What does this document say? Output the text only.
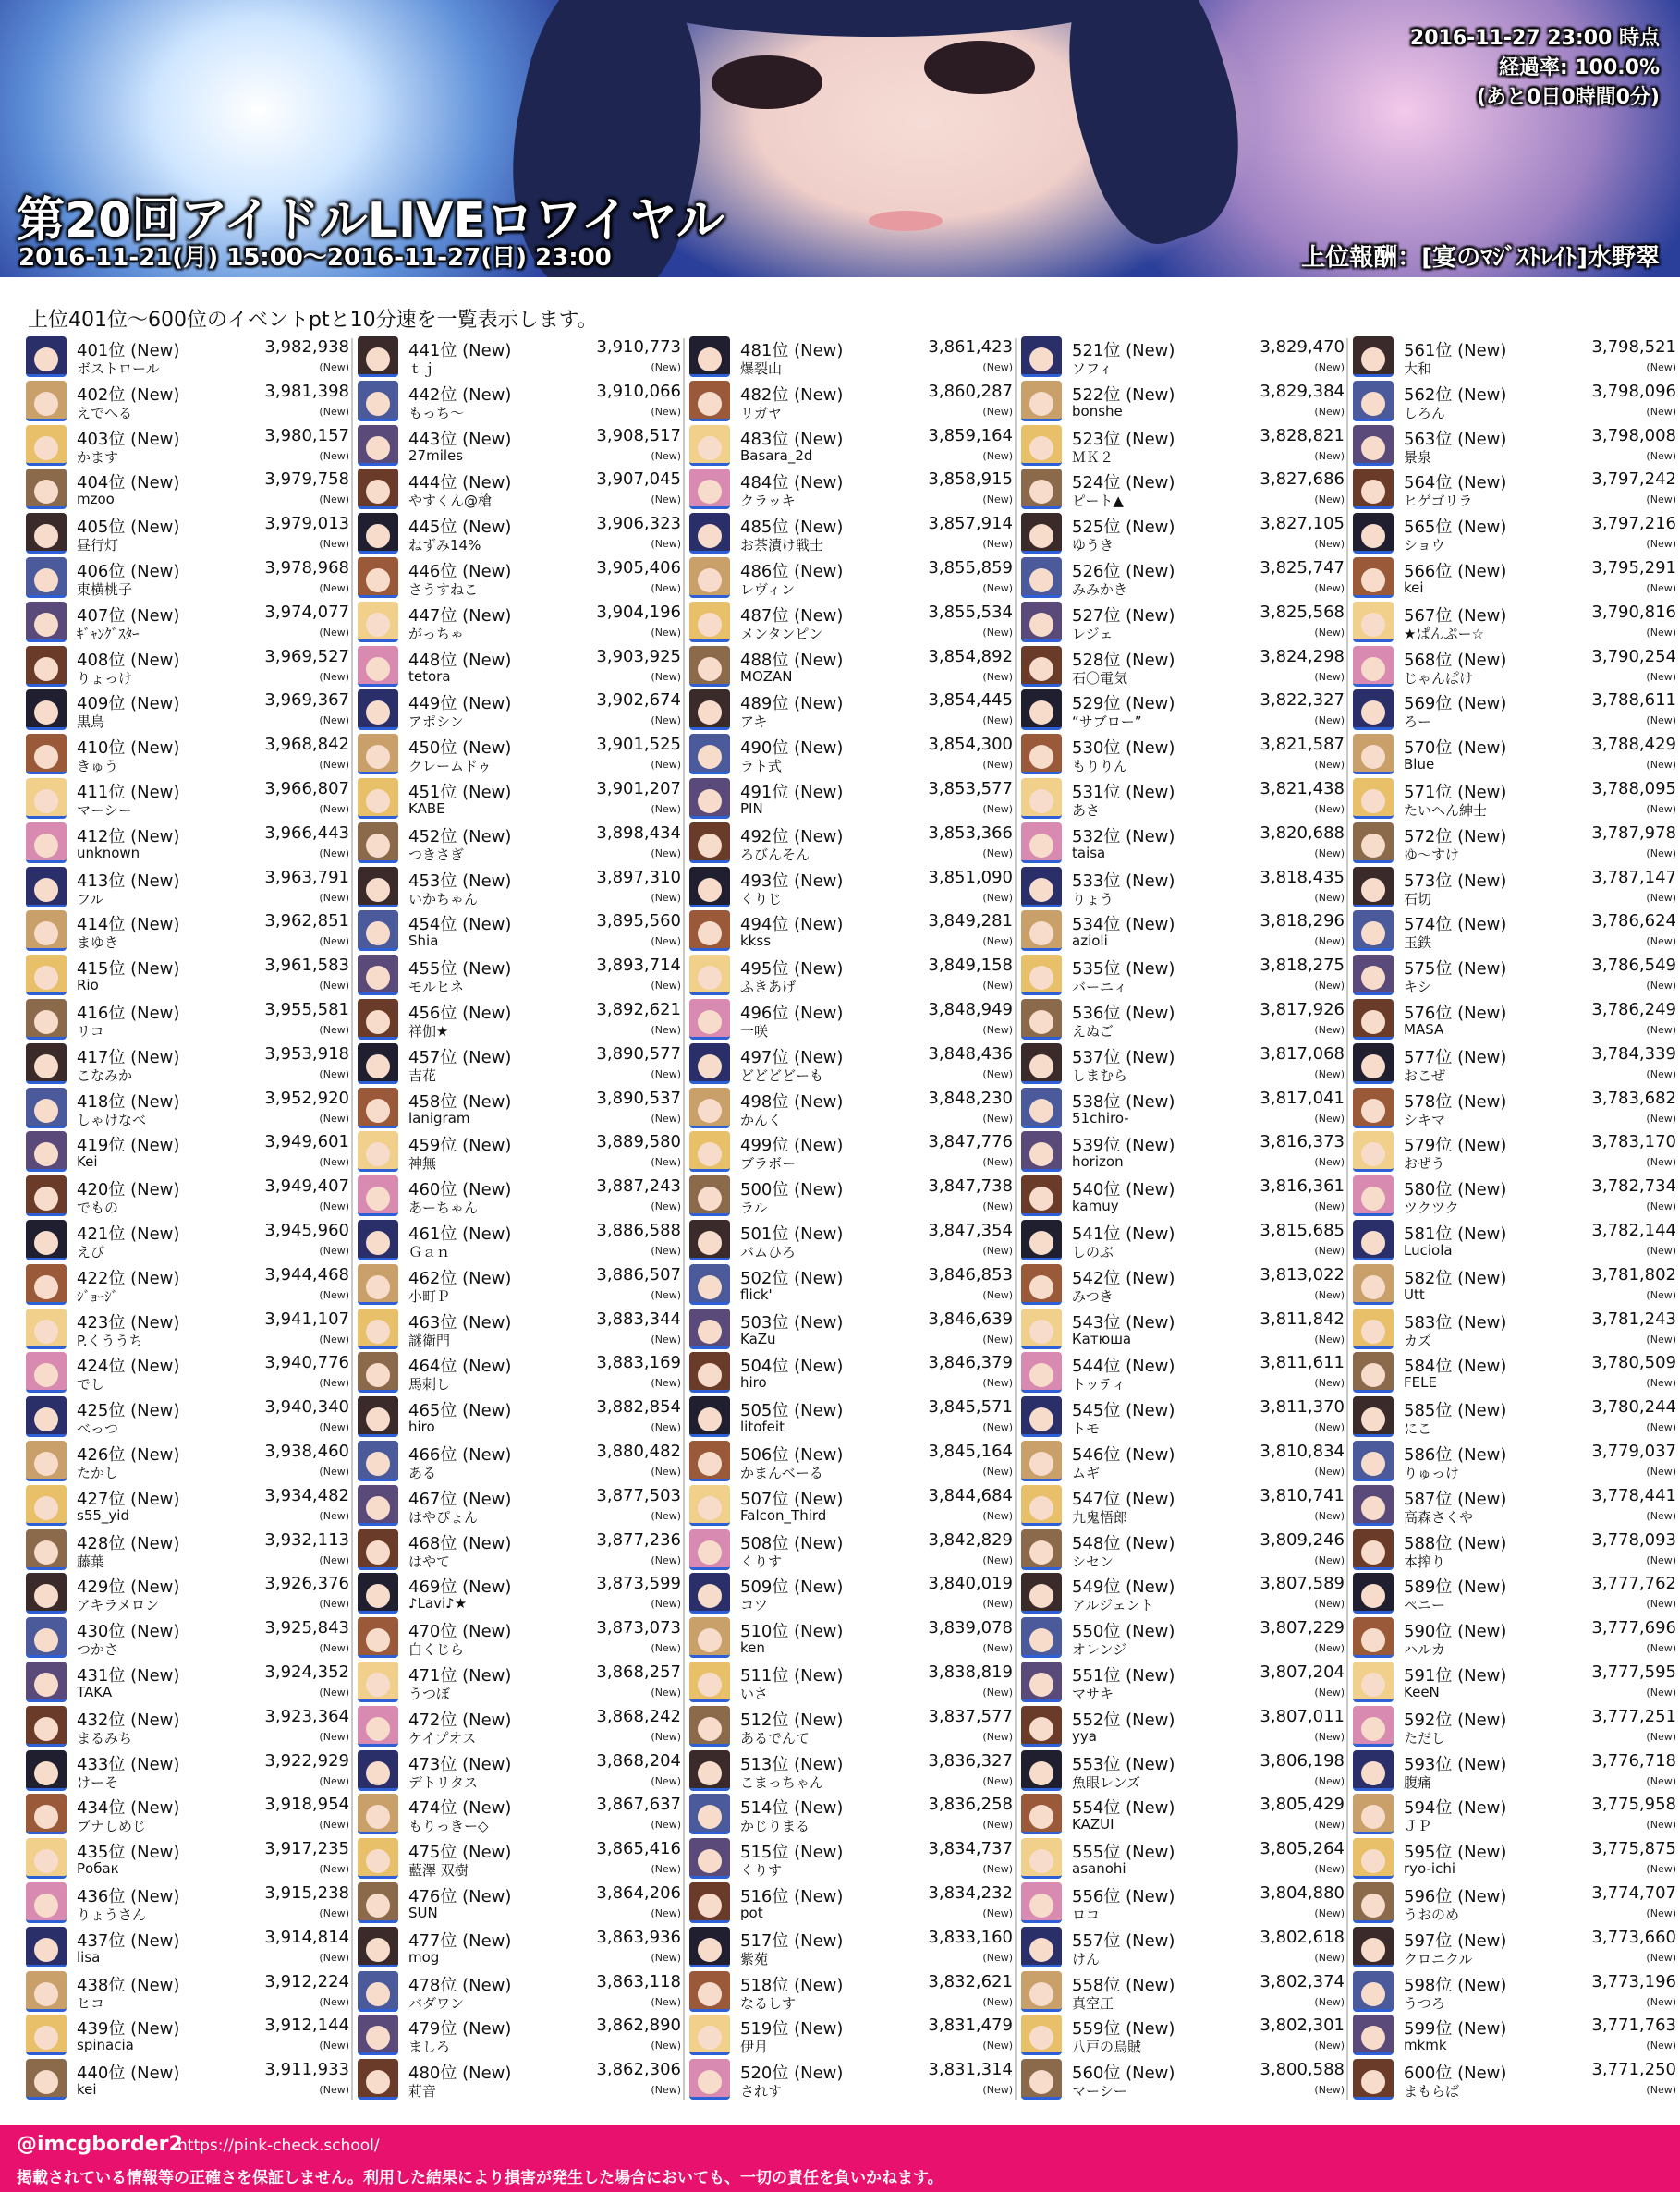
第20回アイドルLIVEロワイヤル
2016-11-21(月) 15:00～2016-11-27(日) 23:00	上位報酬：[宴のﾏｼﾞｽﾄﾚｲﾄ]水野翠
2016-11-27 23:00 時点
経過率: 100.0%
(あと0日0時間0分)
上位401位～600位のイベントptと10分速を一覧表示します。
401位 (New)	3,982,938
ボストロール	(New)
402位 (New)	3,981,398
えでへる	(New)
403位 (New)	3,980,157
かます	(New)
404位 (New)	3,979,758
mzoo	(New)
405位 (New)	3,979,013
昼行灯	(New)
406位 (New)	3,978,968
東横桃子	(New)
407位 (New)	3,974,077
ｷﾞｬﾝｸﾞｽﾀｰ	(New)
408位 (New)	3,969,527
りょっけ	(New)
409位 (New)	3,969,367
黒鳥	(New)
410位 (New)	3,968,842
きゅう	(New)
411位 (New)	3,966,807
マーシー	(New)
412位 (New)	3,966,443
unknown	(New)
413位 (New)	3,963,791
フル	(New)
414位 (New)	3,962,851
まゆき	(New)
415位 (New)	3,961,583
Rio	(New)
416位 (New)	3,955,581
リコ	(New)
417位 (New)	3,953,918
こなみか	(New)
418位 (New)	3,952,920
しゃけなべ	(New)
419位 (New)	3,949,601
Kei	(New)
420位 (New)	3,949,407
でもの	(New)
421位 (New)	3,945,960
えび	(New)
422位 (New)	3,944,468
ｼﾞｮｰｼﾞ	(New)
423位 (New)	3,941,107
P.くううち	(New)
424位 (New)	3,940,776
でし	(New)
425位 (New)	3,940,340
べっつ	(New)
426位 (New)	3,938,460
たかし	(New)
427位 (New)	3,934,482
s55_yid	(New)
428位 (New)	3,932,113
藤葉	(New)
429位 (New)	3,926,376
アキラメロン	(New)
430位 (New)	3,925,843
つかさ	(New)
431位 (New)	3,924,352
TAKA	(New)
432位 (New)	3,923,364
まるみち	(New)
433位 (New)	3,922,929
けーそ	(New)
434位 (New)	3,918,954
ブナしめじ	(New)
435位 (New)	3,917,235
Робак	(New)
436位 (New)	3,915,238
りょうさん	(New)
437位 (New)	3,914,814
lisa	(New)
438位 (New)	3,912,224
ヒコ	(New)
439位 (New)	3,912,144
spinacia	(New)
440位 (New)	3,911,933
kei	(New)
441位 (New)	3,910,773
ｔｊ	(New)
442位 (New)	3,910,066
もっち～	(New)
443位 (New)	3,908,517
27miles	(New)
444位 (New)	3,907,045
やすくん@槍	(New)
445位 (New)	3,906,323
ねずみ14%	(New)
446位 (New)	3,905,406
さうすねこ	(New)
447位 (New)	3,904,196
がっちゃ	(New)
448位 (New)	3,903,925
tetora	(New)
449位 (New)	3,902,674
アポシン	(New)
450位 (New)	3,901,525
クレームドゥ	(New)
451位 (New)	3,901,207
KABE	(New)
452位 (New)	3,898,434
つきさぎ	(New)
453位 (New)	3,897,310
いかちゃん	(New)
454位 (New)	3,895,560
Shia	(New)
455位 (New)	3,893,714
モルヒネ	(New)
456位 (New)	3,892,621
祥伽★	(New)
457位 (New)	3,890,577
吉花	(New)
458位 (New)	3,890,537
lanigram	(New)
459位 (New)	3,889,580
神無	(New)
460位 (New)	3,887,243
あーちゃん	(New)
461位 (New)	3,886,588
Ｇａｎ	(New)
462位 (New)	3,886,507
小町Ｐ	(New)
463位 (New)	3,883,344
謎衛門	(New)
464位 (New)	3,883,169
馬刺し	(New)
465位 (New)	3,882,854
hiro	(New)
466位 (New)	3,880,482
ある	(New)
467位 (New)	3,877,503
はやぴょん	(New)
468位 (New)	3,877,236
はやて	(New)
469位 (New)	3,873,599
♪Lavi♪★	(New)
470位 (New)	3,873,073
白くじら	(New)
471位 (New)	3,868,257
うつぼ	(New)
472位 (New)	3,868,242
ケイプオス	(New)
473位 (New)	3,868,204
デトリタス	(New)
474位 (New)	3,867,637
もりっきー◇	(New)
475位 (New)	3,865,416
藍澤 双樹	(New)
476位 (New)	3,864,206
SUN	(New)
477位 (New)	3,863,936
mog	(New)
478位 (New)	3,863,118
バダワン	(New)
479位 (New)	3,862,890
ましろ	(New)
480位 (New)	3,862,306
莉音	(New)
481位 (New)	3,861,423
爆裂山	(New)
482位 (New)	3,860,287
リガヤ	(New)
483位 (New)	3,859,164
Basara_2d	(New)
484位 (New)	3,858,915
クラッキ	(New)
485位 (New)	3,857,914
お茶漬け戦士	(New)
486位 (New)	3,855,859
レヴィン	(New)
487位 (New)	3,855,534
メンタンピン	(New)
488位 (New)	3,854,892
MOZAN	(New)
489位 (New)	3,854,445
アキ	(New)
490位 (New)	3,854,300
ラト式	(New)
491位 (New)	3,853,577
PIN	(New)
492位 (New)	3,853,366
ろびんそん	(New)
493位 (New)	3,851,090
くりじ	(New)
494位 (New)	3,849,281
kkss	(New)
495位 (New)	3,849,158
ふきあげ	(New)
496位 (New)	3,848,949
一咲	(New)
497位 (New)	3,848,436
どどどどーも	(New)
498位 (New)	3,848,230
かんく	(New)
499位 (New)	3,847,776
ブラボー	(New)
500位 (New)	3,847,738
ラル	(New)
501位 (New)	3,847,354
バムひろ	(New)
502位 (New)	3,846,853
flick'	(New)
503位 (New)	3,846,639
KaZu	(New)
504位 (New)	3,846,379
hiro	(New)
505位 (New)	3,845,571
litofeit	(New)
506位 (New)	3,845,164
かまんベーる	(New)
507位 (New)	3,844,684
Falcon_Third	(New)
508位 (New)	3,842,829
くりす	(New)
509位 (New)	3,840,019
コツ	(New)
510位 (New)	3,839,078
ken	(New)
511位 (New)	3,838,819
いさ	(New)
512位 (New)	3,837,577
あるでんて	(New)
513位 (New)	3,836,327
こまっちゃん	(New)
514位 (New)	3,836,258
かじりまる	(New)
515位 (New)	3,834,737
くりす	(New)
516位 (New)	3,834,232
pot	(New)
517位 (New)	3,833,160
紫苑	(New)
518位 (New)	3,832,621
なるしす	(New)
519位 (New)	3,831,479
伊月	(New)
520位 (New)	3,831,314
されす	(New)
521位 (New)	3,829,470
ソフィ	(New)
522位 (New)	3,829,384
bonshe	(New)
523位 (New)	3,828,821
ＭＫ２	(New)
524位 (New)	3,827,686
ピート▲	(New)
525位 (New)	3,827,105
ゆうき	(New)
526位 (New)	3,825,747
みみかき	(New)
527位 (New)	3,825,568
レジェ	(New)
528位 (New)	3,824,298
石〇電気	(New)
529位 (New)	3,822,327
“サブロー”	(New)
530位 (New)	3,821,587
もりりん	(New)
531位 (New)	3,821,438
あさ	(New)
532位 (New)	3,820,688
taisa	(New)
533位 (New)	3,818,435
りょう	(New)
534位 (New)	3,818,296
azioli	(New)
535位 (New)	3,818,275
バーニィ	(New)
536位 (New)	3,817,926
えぬご	(New)
537位 (New)	3,817,068
しまむら	(New)
538位 (New)	3,817,041
51chiro-	(New)
539位 (New)	3,816,373
horizon	(New)
540位 (New)	3,816,361
kamuy	(New)
541位 (New)	3,815,685
しのぶ	(New)
542位 (New)	3,813,022
みつき	(New)
543位 (New)	3,811,842
Катюша	(New)
544位 (New)	3,811,611
トッティ	(New)
545位 (New)	3,811,370
トモ	(New)
546位 (New)	3,810,834
ムギ	(New)
547位 (New)	3,810,741
九鬼悟郎	(New)
548位 (New)	3,809,246
シセン	(New)
549位 (New)	3,807,589
アルジェント	(New)
550位 (New)	3,807,229
オレンジ	(New)
551位 (New)	3,807,204
マサキ	(New)
552位 (New)	3,807,011
yya	(New)
553位 (New)	3,806,198
魚眼レンズ	(New)
554位 (New)	3,805,429
KAZUI	(New)
555位 (New)	3,805,264
asanohi	(New)
556位 (New)	3,804,880
ロコ	(New)
557位 (New)	3,802,618
けん	(New)
558位 (New)	3,802,374
真空圧	(New)
559位 (New)	3,802,301
八戸の烏賊	(New)
560位 (New)	3,800,588
マーシー	(New)
561位 (New)	3,798,521
大和	(New)
562位 (New)	3,798,096
しろん	(New)
563位 (New)	3,798,008
景泉	(New)
564位 (New)	3,797,242
ヒゲゴリラ	(New)
565位 (New)	3,797,216
ショウ	(New)
566位 (New)	3,795,291
kei	(New)
567位 (New)	3,790,816
★ぱんぷー☆	(New)
568位 (New)	3,790,254
じゃんぱけ	(New)
569位 (New)	3,788,611
ろー	(New)
570位 (New)	3,788,429
Blue	(New)
571位 (New)	3,788,095
たいへん紳士	(New)
572位 (New)	3,787,978
ゆ～すけ	(New)
573位 (New)	3,787,147
石切	(New)
574位 (New)	3,786,624
玉鉄	(New)
575位 (New)	3,786,549
キシ	(New)
576位 (New)	3,786,249
MASA	(New)
577位 (New)	3,784,339
おこぜ	(New)
578位 (New)	3,783,682
シキマ	(New)
579位 (New)	3,783,170
おぜう	(New)
580位 (New)	3,782,734
ツクツク	(New)
581位 (New)	3,782,144
Luciola	(New)
582位 (New)	3,781,802
Utt	(New)
583位 (New)	3,781,243
カズ	(New)
584位 (New)	3,780,509
FELE	(New)
585位 (New)	3,780,244
にこ	(New)
586位 (New)	3,779,037
りゅっけ	(New)
587位 (New)	3,778,441
高森さくや	(New)
588位 (New)	3,778,093
本搾り	(New)
589位 (New)	3,777,762
ペニー	(New)
590位 (New)	3,777,696
ハルカ	(New)
591位 (New)	3,777,595
KeeN	(New)
592位 (New)	3,777,251
ただし	(New)
593位 (New)	3,776,718
腹痛	(New)
594位 (New)	3,775,958
ＪＰ	(New)
595位 (New)	3,775,875
ryo-ichi	(New)
596位 (New)	3,774,707
うおのめ	(New)
597位 (New)	3,773,660
クロニクル	(New)
598位 (New)	3,773,196
うつろ	(New)
599位 (New)	3,771,763
mkmk	(New)
600位 (New)	3,771,250
まもらば	(New)
@imcgborder2
https://pink-check.school/
掲載されている情報等の正確さを保証しません。利用した結果により損害が発生した場合においても、一切の責任を負いかねます。
